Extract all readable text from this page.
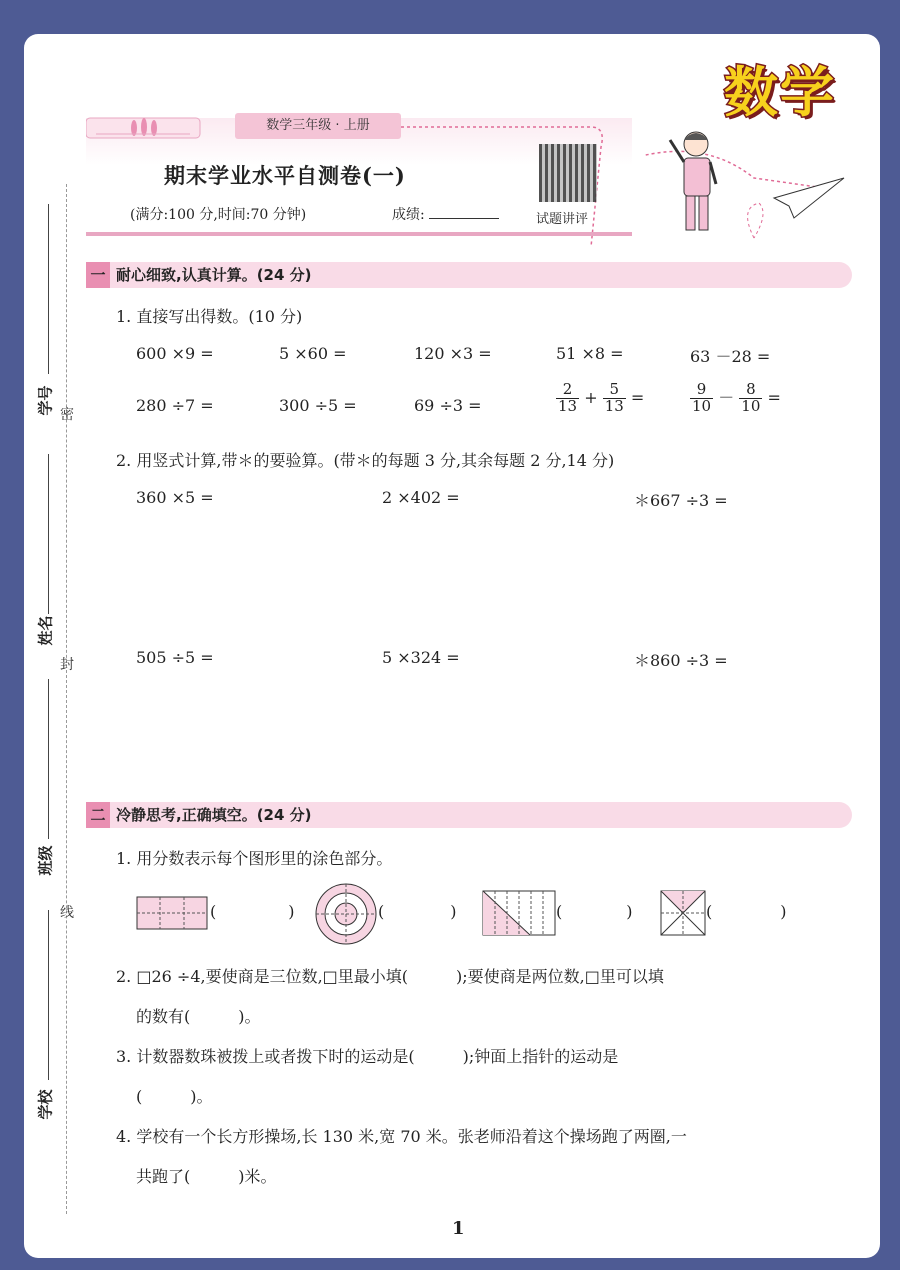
数学
数学三年级 · 上册
期末学业水平自测卷(一)
(满分:100 分,时间:70 分钟)	成绩:	试题讲评
学号
姓名
班级
学校
密
封
线
一 耐心细致,认真计算。(24 分)
1. 直接写出得数。(10 分)
600 ×9 =	5 ×60 =	120 ×3 =	51 ×8 =	63 －28 =
280 ÷7 =	300 ÷5 =	69 ÷3 =	$\frac{2}{13} + \frac{5}{13}$ =	$\frac{9}{10} - \frac{8}{10}$ =
2. 用竖式计算,带＊的要验算。(带＊的每题 3 分,其余每题 2 分,14 分)
360 ×5 =	2 ×402 =	＊667 ÷3 =
505 ÷5 =	5 ×324 =	＊860 ÷3 =
二 冷静思考,正确填空。(24 分)
1. 用分数表示每个图形里的涂色部分。
(	)	(	)	(	)	(	)
2. □26 ÷4,要使商是三位数,□里最小填(　　　);要使商是两位数,□里可以填
的数有(　　　)。
3. 计数器数珠被拨上或者拨下时的运动是(　　　);钟面上指针的运动是
(　　　)。
4. 学校有一个长方形操场,长 130 米,宽 70 米。张老师沿着这个操场跑了两圈,一
共跑了(　　　)米。
1
